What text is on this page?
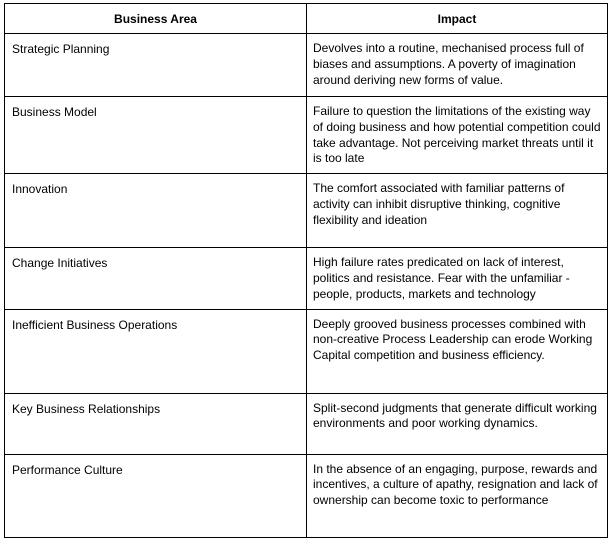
Business Area	Impact
Strategic Planning	Devolves into a routine, mechanised process full of biases and assumptions. A poverty of imagination around deriving new forms of value.
Business Model	Failure to question the limitations of the existing way of doing business and how potential competition could take advantage. Not perceiving market threats until it is too late
Innovation	The comfort associated with familiar patterns of activity can inhibit disruptive thinking, cognitive flexibility and ideation
Change Initiatives	High failure rates predicated on lack of interest, politics and resistance. Fear with the unfamiliar - people, products, markets and technology
Inefficient Business Operations	Deeply grooved business processes combined with non-creative Process Leadership can erode Working Capital competition and business efficiency.
Key Business Relationships	Split-second judgments that generate difficult working environments and poor working dynamics.
Performance Culture	In the absence of an engaging, purpose, rewards and incentives, a culture of apathy, resignation and lack of ownership can become toxic to performance
